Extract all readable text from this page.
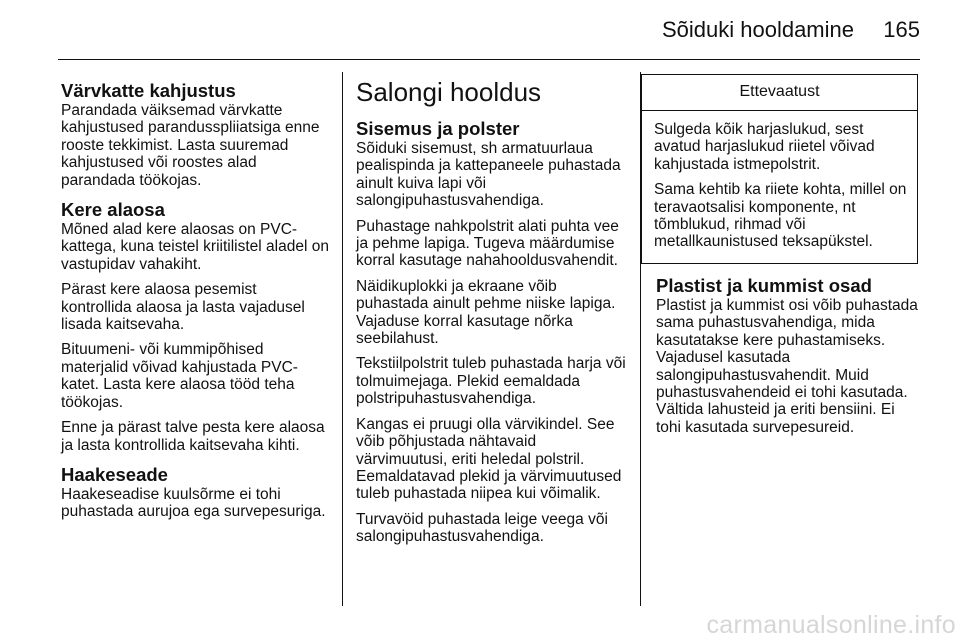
Sõiduki hooldamine 165
Värvkatte kahjustus

Parandada väiksemad värvkatte kahjustused parandusspliiatsiga enne rooste tekkimist. Lasta suuremad kahjustused või roostes alad parandada töökojas.

Kere alaosa

Mõned alad kere alaosas on PVC-kattega, kuna teistel kriitilistel aladel on vastupidav vahakiht.

Pärast kere alaosa pesemist kontrollida alaosa ja lasta vajadusel lisada kaitsevaha.

Bituumeni- või kummipõhised materjalid võivad kahjustada PVC-katet. Lasta kere alaosa tööd teha töökojas.

Enne ja pärast talve pesta kere alaosa ja lasta kontrollida kaitsevaha kihti.

Haakeseade

Haakeseadise kuulsõrme ei tohi puhastada aurujoa ega survepesuriga.

Salongi hooldus
Sisemus ja polster

Sõiduki sisemust, sh armatuurlaua pealispinda ja kattepaneele puhastada ainult kuiva lapi või salongipuhastusvahendiga.

Puhastage nahkpolstrit alati puhta vee ja pehme lapiga. Tugeva määrdumise korral kasutage nahahooldusvahendit.

Näidikuplokki ja ekraane võib puhastada ainult pehme niiske lapiga. Vajaduse korral kasutage nõrka seebilahust.

Tekstiilpolstrit tuleb puhastada harja või tolmuimejaga. Plekid eemaldada polstripuhastusvahendiga.

Kangas ei pruugi olla värvikindel. See võib põhjustada nähtavaid värvimuutusi, eriti heledal polstril. Eemaldatavad plekid ja värvimuutused tuleb puhastada niipea kui võimalik.

Turvavöid puhastada leige veega või salongipuhastusvahendiga.

Ettevaatust

Sulgeda kõik harjaslukud, sest avatud harjaslukud riietel võivad kahjustada istmepolstrit.

Sama kehtib ka riiete kohta, millel on teravaotsalisi komponente, nt tõmblukud, rihmad või metallkaunistused teksapükstel.

Plastist ja kummist osad

Plastist ja kummist osi võib puhastada sama puhastusvahendiga, mida kasutatakse kere puhastamiseks. Vajadusel kasutada salongipuhastusvahendit. Muid puhastusvahendeid ei tohi kasutada. Vältida lahusteid ja eriti bensiini. Ei tohi kasutada survepesureid.

carmanualsonline.info
